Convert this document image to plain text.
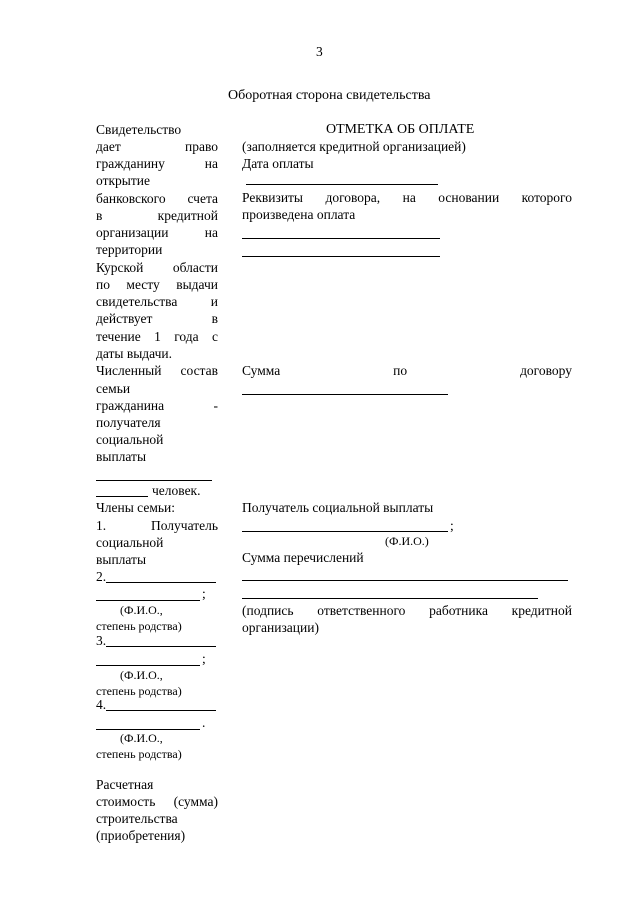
3
Оборотная сторона свидетельства
Свидетельство
дает	право
гражданину	на
открытие
банковского счета
в	кредитной
организации	на
территории
Курской области
по месту выдачи
свидетельства и
действует	в
течение 1 года с
даты выдачи.
Численный состав
семьи
гражданина	-
получателя
социальной
выплаты
человек.
Члены семьи:
1.	Получатель
социальной
выплаты
2.
;
(Ф.И.О.,
степень родства)
3.
;
(Ф.И.О.,
степень родства)
4.
.
(Ф.И.О.,
степень родства)
Расчетная
стоимость (сумма)
строительства
(приобретения)
ОТМЕТКА ОБ ОПЛАТЕ
(заполняется кредитной организацией)
Дата оплаты
Реквизиты договора, на основании которого
произведена оплата
Сумма	по	договору
Получатель социальной выплаты
;
(Ф.И.О.)
Сумма перечислений
(подпись ответственного работника кредитной
организации)
